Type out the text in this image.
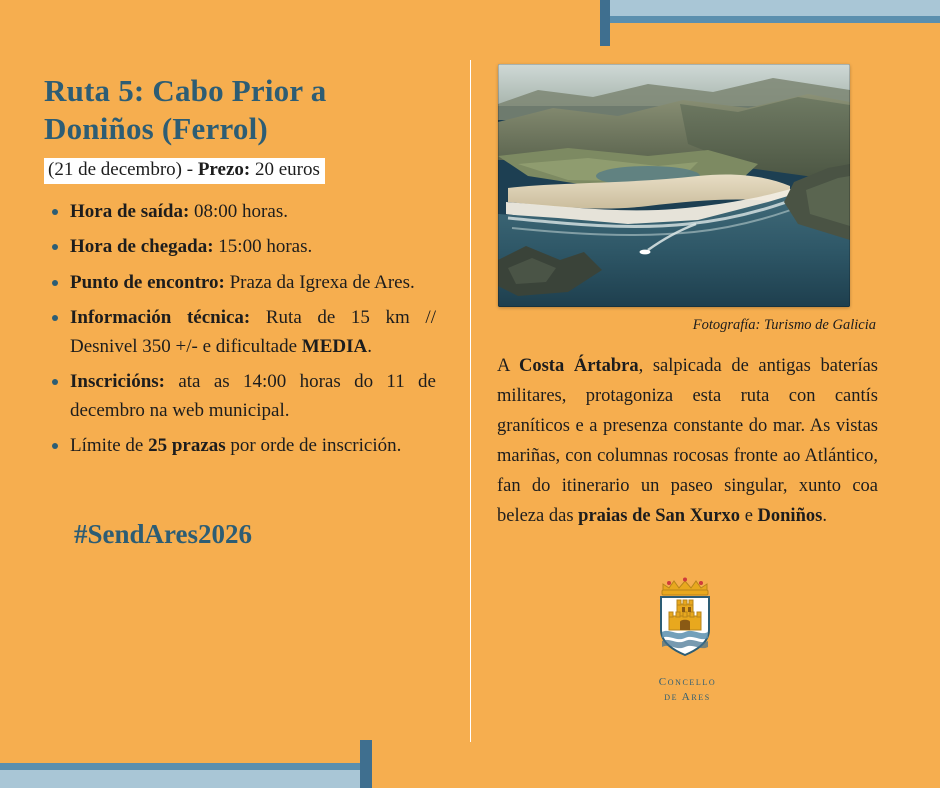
Ruta 5: Cabo Prior a Doniños (Ferrol)
(21 de decembro) - Prezo: 20 euros
Hora de saída: 08:00 horas.
Hora de chegada: 15:00 horas.
Punto de encontro: Praza da Igrexa de Ares.
Información técnica: Ruta de 15 km // Desnivel 350 +/- e dificultade MEDIA.
Inscricións: ata as 14:00 horas do 11 de decembro na web municipal.
Límite de 25 prazas por orde de inscrición.
#SendAres2026
Fotografía: Turismo de Galicia
A Costa Ártabra, salpicada de antigas baterías militares, protagoniza esta ruta con cantís graníticos e a presenza constante do mar. As vistas mariñas, con columnas rocosas fronte ao Atlántico, fan do itinerario un paseo singular, xunto coa beleza das praias de San Xurxo e Doniños.
Concello
de Ares
